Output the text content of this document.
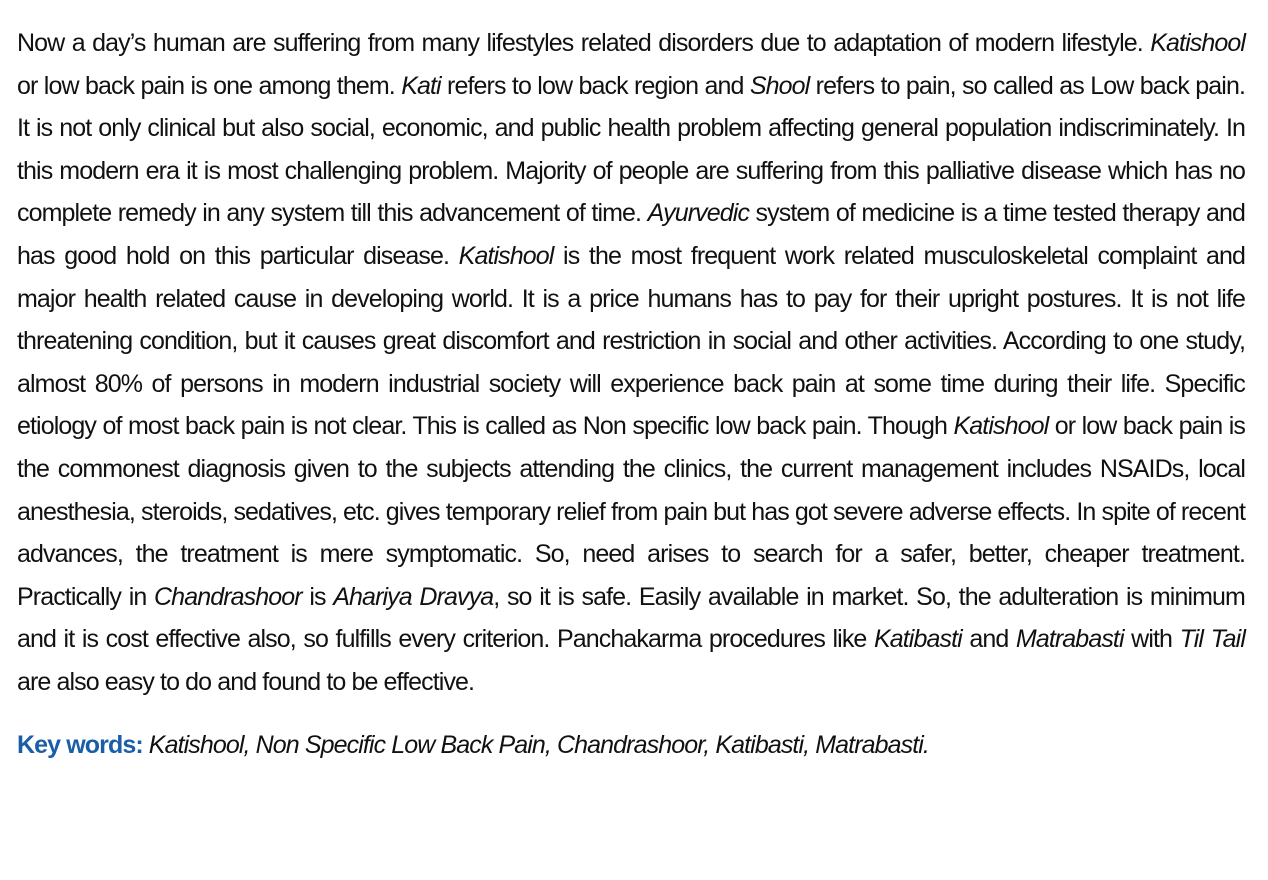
Now a day’s human are suffering from many lifestyles related disorders due to adaptation of modern lifestyle. Katishool or low back pain is one among them. Kati refers to low back region and Shool refers to pain, so called as Low back pain. It is not only clinical but also social, economic, and public health problem affecting general population indiscriminately. In this modern era it is most challenging problem. Majority of people are suffering from this palliative disease which has no complete remedy in any system till this advancement of time. Ayurvedic system of medicine is a time tested therapy and has good hold on this particular disease. Katishool is the most frequent work related musculoskeletal complaint and major health related cause in developing world. It is a price humans has to pay for their upright postures. It is not life threatening condition, but it causes great discomfort and restriction in social and other activities. According to one study, almost 80% of persons in modern industrial society will experience back pain at some time during their life. Specific etiology of most back pain is not clear. This is called as Non specific low back pain. Though Katishool or low back pain is the commonest diagnosis given to the subjects attending the clinics, the current management includes NSAIDs, local anesthesia, steroids, sedatives, etc. gives temporary relief from pain but has got severe adverse effects. In spite of recent advances, the treatment is mere symptomatic. So, need arises to search for a safer, better, cheaper treatment. Practically in Chandrashoor is Ahariya Dravya, so it is safe. Easily available in market. So, the adulteration is minimum and it is cost effective also, so fulfills every criterion. Panchakarma procedures like Katibasti and Matrabasti with Til Tail are also easy to do and found to be effective.

Key words: Katishool, Non Specific Low Back Pain, Chandrashoor, Katibasti, Matrabasti.
